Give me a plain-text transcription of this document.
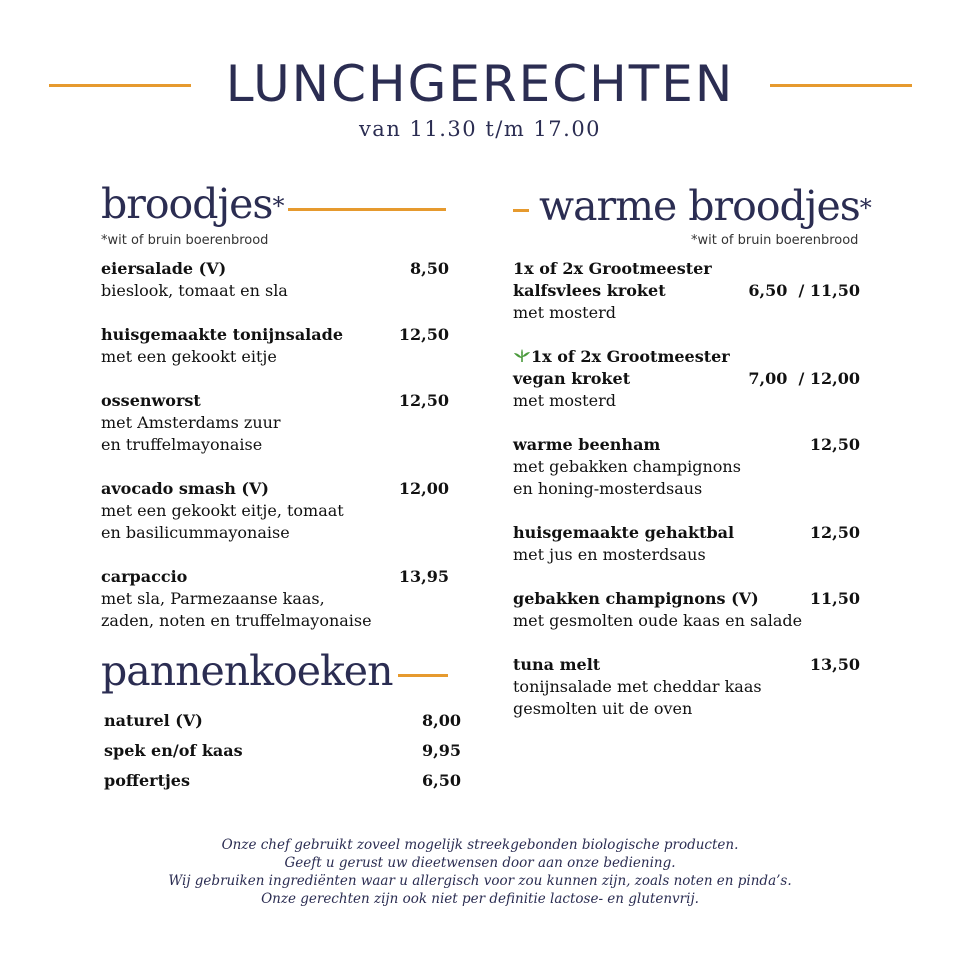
LUNCHGERECHTEN
van 11.30 t/m 17.00
broodjes*
*wit of bruin boerenbrood
eiersalade (V)	8,50
bieslook, tomaat en sla
huisgemaakte tonijnsalade	12,50
met een gekookt eitje
ossenworst	12,50
met Amsterdams zuur
en truffelmayonaise
avocado smash (V)	12,00
met een gekookt eitje, tomaat
en basilicummayonaise
carpaccio	13,95
met sla, Parmezaanse kaas,
zaden, noten en truffelmayonaise
pannenkoeken
naturel (V)	8,00
spek en/of kaas	9,95
poffertjes	6,50
warme broodjes*
*wit of bruin boerenbrood
1x of 2x Grootmeester
kalfsvlees kroket	6,50  / 11,50
met mosterd
1x of 2x Grootmeester
vegan kroket	7,00  / 12,00
met mosterd
warme beenham	12,50
met gebakken champignons
en honing-mosterdsaus
huisgemaakte gehaktbal	12,50
met jus en mosterdsaus
gebakken champignons (V)	11,50
met gesmolten oude kaas en salade
tuna melt	13,50
tonijnsalade met cheddar kaas
gesmolten uit de oven
Onze chef gebruikt zoveel mogelijk streekgebonden biologische producten.
Geeft u gerust uw dieetwensen door aan onze bediening.
Wij gebruiken ingrediënten waar u allergisch voor zou kunnen zijn, zoals noten en pinda’s.
Onze gerechten zijn ook niet per definitie lactose- en glutenvrij.
